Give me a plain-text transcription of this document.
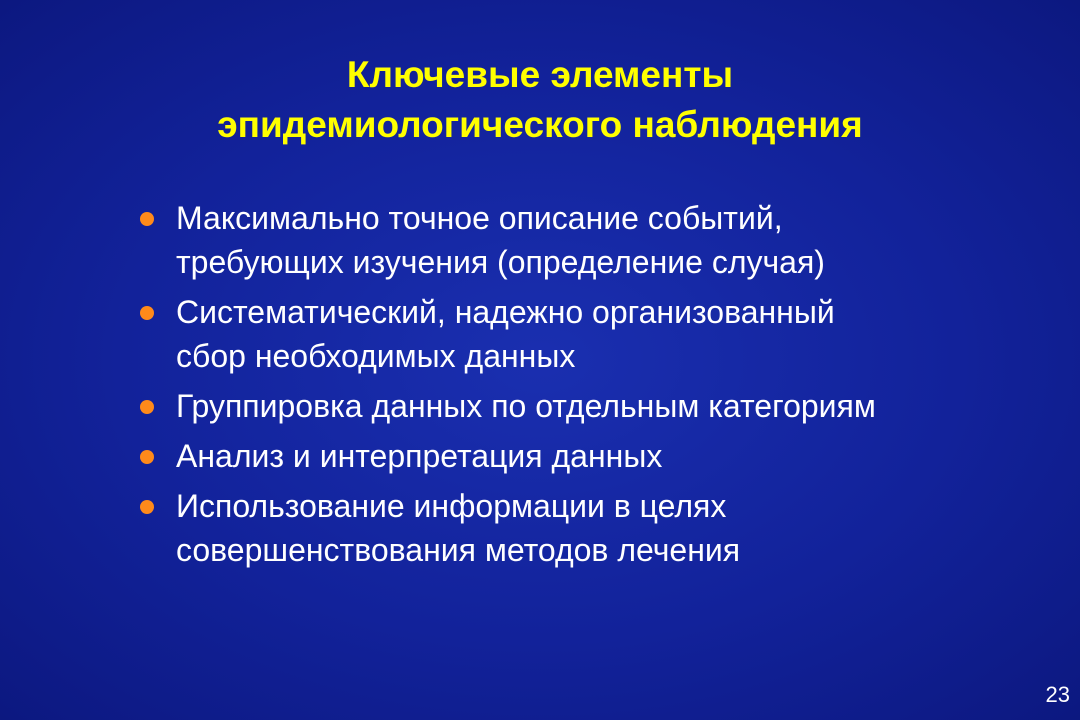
Ключевые элементы
эпидемиологического наблюдения
Максимально точное описание событий,
требующих изучения (определение случая)
Систематический, надежно организованный
сбор необходимых данных
Группировка данных по отдельным категориям
Анализ и интерпретация данных
Использование информации в целях
совершенствования методов лечения
23
